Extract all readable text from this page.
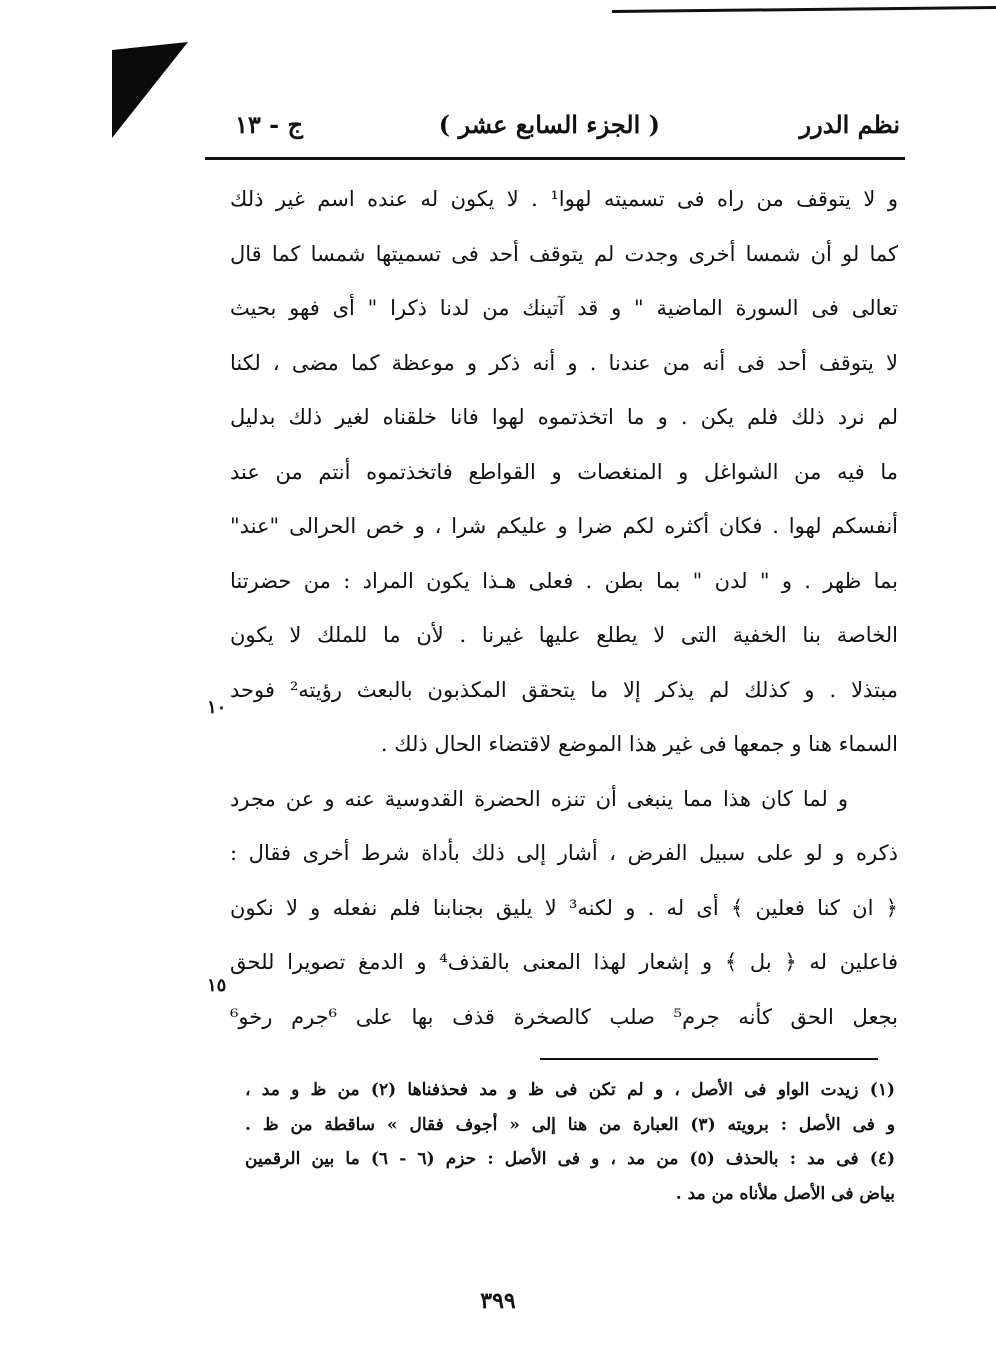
نظم الدرر
( الجزء السابع عشر )
ج - ١٣
و لا يتوقف من راه فى تسميته لهوا¹ . لا يكون له عنده اسم غير ذلك
كما لو أن شمسا أخرى وجدت لم يتوقف أحد فى تسميتها شمسا كما قال
تعالى فى السورة الماضية " و قد آتينك من لدنا ذكرا " أى فهو بحيث
لا يتوقف أحد فى أنه من عندنا . و أنه ذكر و موعظة كما مضى ، لكنا
لم نرد ذلك فلم يكن . و ما اتخذتموه لهوا فانا خلقناه لغير ذلك بدليل
ما فيه من الشواغل و المنغصات و القواطع فاتخذتموه أنتم من عند
أنفسكم لهوا . فكان أكثره لكم ضرا و عليكم شرا ، و خص الحرالى "عند"
بما ظهر . و " لدن " بما بطن . فعلى هـذا يكون المراد : من حضرتنا
الخاصة بنا الخفية التى لا يطلع عليها غيرنا . لأن ما للملك لا يكون
مبتذلا . و كذلك لم يذكر إلا ما يتحقق المكذبون بالبعث رؤيته² فوحد
السماء هنا و جمعها فى غير هذا الموضع لاقتضاء الحال ذلك .
و لما كان هذا مما ينبغى أن تنزه الحضرة القدوسية عنه و عن مجرد
ذكره و لو على سبيل الفرض ، أشار إلى ذلك بأداة شرط أخرى فقال :
﴿ ان كنا فعلين ﴾ أى له . و لكنه³ لا يليق بجنابنا فلم نفعله و لا نكون
فاعلين له ﴿ بل ﴾ و إشعار لهذا المعنى بالقذف⁴ و الدمغ تصويرا للحق
بجعل الحق كأنه جرم⁵ صلب كالصخرة قذف بها على ⁶جرم رخو⁶
١٠
١٥
(١) زيدت الواو فى الأصل ، و لم تكن فى ظ و مد فحذفناها (٢) من ظ و مد ،
و فى الأصل : برويته (٣) العبارة من هنا إلى « أجوف فقال » ساقطة من ظ .
(٤) فى مد : بالحذف (٥) من مد ، و فى الأصل : حزم (٦ - ٦) ما بين الرقمين
بياض فى الأصل ملأناه من مد .
٣٩٩
